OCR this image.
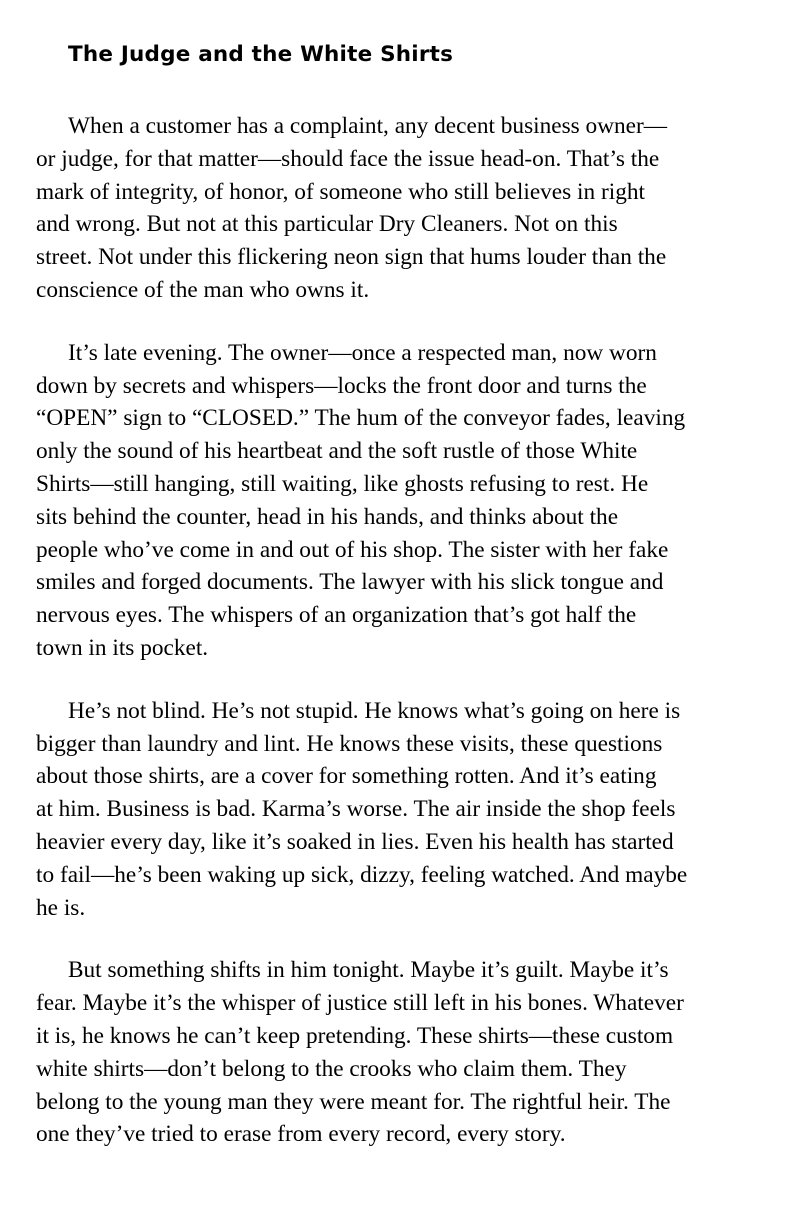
The Judge and the White Shirts

When a customer has a complaint, any decent business owner—
or judge, for that matter—should face the issue head-on. That’s the
mark of integrity, of honor, of someone who still believes in right
and wrong. But not at this particular Dry Cleaners. Not on this
street. Not under this flickering neon sign that hums louder than the
conscience of the man who owns it.

It’s late evening. The owner—once a respected man, now worn
down by secrets and whispers—locks the front door and turns the
“OPEN” sign to “CLOSED.” The hum of the conveyor fades, leaving
only the sound of his heartbeat and the soft rustle of those White
Shirts—still hanging, still waiting, like ghosts refusing to rest. He
sits behind the counter, head in his hands, and thinks about the
people who’ve come in and out of his shop. The sister with her fake
smiles and forged documents. The lawyer with his slick tongue and
nervous eyes. The whispers of an organization that’s got half the
town in its pocket.

He’s not blind. He’s not stupid. He knows what’s going on here is
bigger than laundry and lint. He knows these visits, these questions
about those shirts, are a cover for something rotten. And it’s eating
at him. Business is bad. Karma’s worse. The air inside the shop feels
heavier every day, like it’s soaked in lies. Even his health has started
to fail—he’s been waking up sick, dizzy, feeling watched. And maybe
he is.

But something shifts in him tonight. Maybe it’s guilt. Maybe it’s
fear. Maybe it’s the whisper of justice still left in his bones. Whatever
it is, he knows he can’t keep pretending. These shirts—these custom
white shirts—don’t belong to the crooks who claim them. They
belong to the young man they were meant for. The rightful heir. The
one they’ve tried to erase from every record, every story.
